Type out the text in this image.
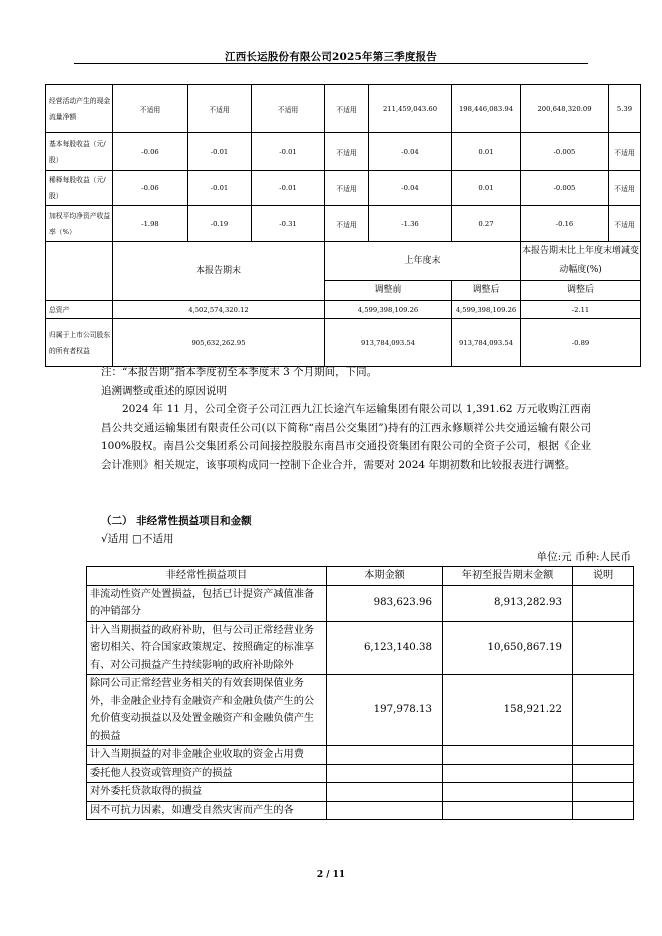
江西长运股份有限公司2025年第三季度报告
经营活动产生的现金流量净额	不适用	不适用	不适用	不适用	211,459,043.60	198,446,083.94	200,648,320.09	5.39
基本每股收益（元/股）	-0.06	-0.01	-0.01	不适用	-0.04	0.01	-0.005	不适用
稀释每股收益（元/股）	-0.06	-0.01	-0.01	不适用	-0.04	0.01	-0.005	不适用
加权平均净资产收益率（%）	-1.98	-0.19	-0.31	不适用	-1.36	0.27	-0.16	不适用
	本报告期末			上年度末			本报告期末比上年度末增减变动幅度(%)	
				调整前		调整后	调整后	
总资产	4,502,574,320.12			4,599,398,109.26		4,599,398,109.26	-2.11	
归属于上市公司股东的所有者权益	905,632,262.95			913,784,093.54		913,784,093.54	-0.89	
注：“本报告期”指本季度初至本季度末 3 个月期间，下同。
追溯调整或重述的原因说明
2024 年 11 月，公司全资子公司江西九江长途汽车运输集团有限公司以 1,391.62 万元收购江西南昌公共交通运输集团有限责任公司(以下简称“南昌公交集团”)持有的江西永修顺祥公共交通运输有限公司 100%股权。南昌公交集团系公司间接控股股东南昌市交通投资集团有限公司的全资子公司，根据《企业会计准则》相关规定，该事项构成同一控制下企业合并，需要对 2024 年期初数和比较报表进行调整。
（二） 非经常性损益项目和金额
√适用 □不适用
单位:元 币种:人民币
非经常性损益项目	本期金额	年初至报告期末金额	说明
非流动性资产处置损益，包括已计提资产减值准备的冲销部分	983,623.96	8,913,282.93	
计入当期损益的政府补助，但与公司正常经营业务密切相关、符合国家政策规定、按照确定的标准享有、对公司损益产生持续影响的政府补助除外	6,123,140.38	10,650,867.19	
除同公司正常经营业务相关的有效套期保值业务外，非金融企业持有金融资产和金融负债产生的公允价值变动损益以及处置金融资产和金融负债产生的损益	197,978.13	158,921.22	
计入当期损益的对非金融企业收取的资金占用费			
委托他人投资或管理资产的损益			
对外委托贷款取得的损益			
因不可抗力因素，如遭受自然灾害而产生的各			
2 / 11
